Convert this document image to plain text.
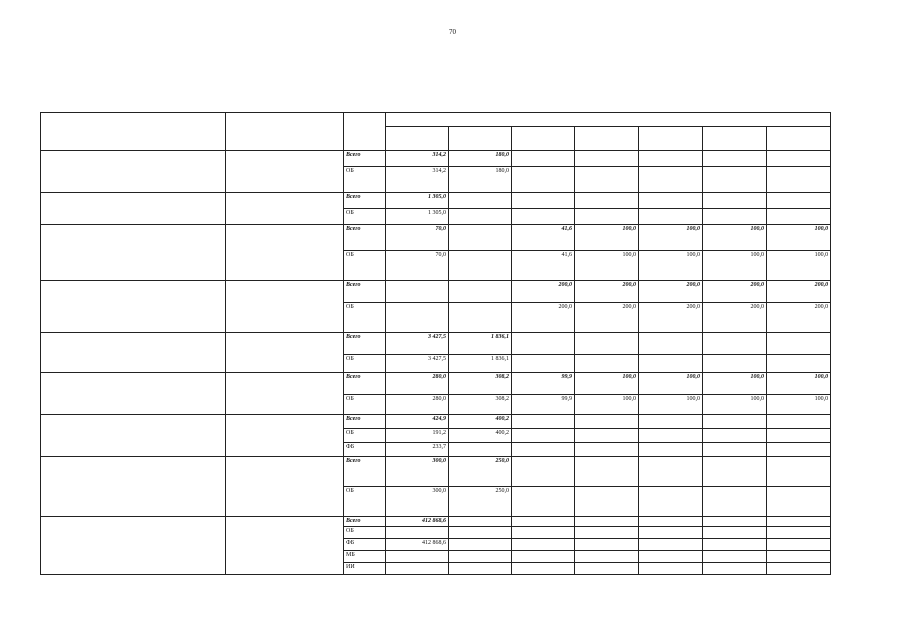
70

		Всего	314,2	180,0					
		ОБ	314,2	180,0					
		Всего	1 305,0						
		ОБ	1 305,0						
		Всего	70,0		41,6	100,0	100,0	100,0	100,0
		ОБ	70,0		41,6	100,0	100,0	100,0	100,0
		Всего			200,0	200,0	200,0	200,0	200,0
		ОБ			200,0	200,0	200,0	200,0	200,0
		Всего	3 427,5	1 836,1					
		ОБ	3 427,5	1 836,1					
		Всего	280,0	308,2	99,9	100,0	100,0	100,0	100,0
		ОБ	280,0	308,2	99,9	100,0	100,0	100,0	100,0
		Всего	424,9	400,2					
		ОБ	191,2	400,2					
		ФБ	233,7						
		Всего	300,0	250,0					
		ОБ	300,0	250,0					
		Всего	412 868,6						
		ОБ							
		ФБ	412 868,6						
		МБ							
		ИИ							
